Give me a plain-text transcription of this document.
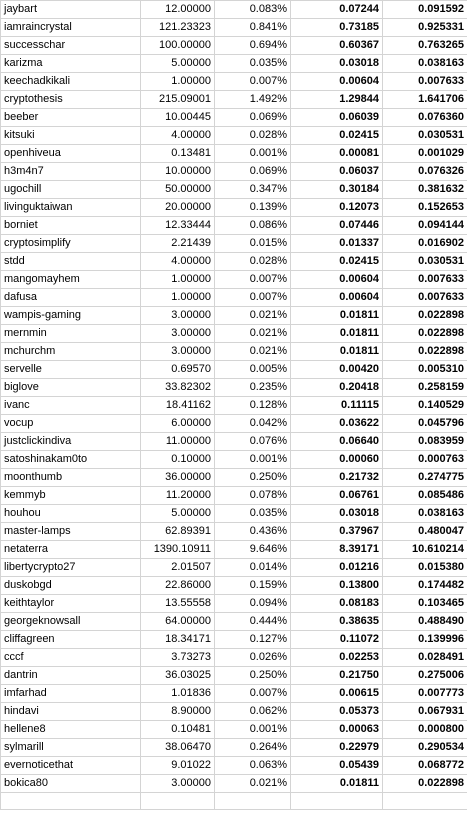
jaybart	12.00000	0.083%	0.07244	0.091592
iamraincrystal	121.23323	0.841%	0.73185	0.925331
successchar	100.00000	0.694%	0.60367	0.763265
karizma	5.00000	0.035%	0.03018	0.038163
keechadkikali	1.00000	0.007%	0.00604	0.007633
cryptothesis	215.09001	1.492%	1.29844	1.641706
beeber	10.00445	0.069%	0.06039	0.076360
kitsuki	4.00000	0.028%	0.02415	0.030531
openhiveua	0.13481	0.001%	0.00081	0.001029
h3m4n7	10.00000	0.069%	0.06037	0.076326
ugochill	50.00000	0.347%	0.30184	0.381632
livinguktaiwan	20.00000	0.139%	0.12073	0.152653
borniet	12.33444	0.086%	0.07446	0.094144
cryptosimplify	2.21439	0.015%	0.01337	0.016902
stdd	4.00000	0.028%	0.02415	0.030531
mangomayhem	1.00000	0.007%	0.00604	0.007633
dafusa	1.00000	0.007%	0.00604	0.007633
wampis-gaming	3.00000	0.021%	0.01811	0.022898
mernmin	3.00000	0.021%	0.01811	0.022898
mchurchm	3.00000	0.021%	0.01811	0.022898
servelle	0.69570	0.005%	0.00420	0.005310
biglove	33.82302	0.235%	0.20418	0.258159
ivanc	18.41162	0.128%	0.11115	0.140529
vocup	6.00000	0.042%	0.03622	0.045796
justclickindiva	11.00000	0.076%	0.06640	0.083959
satoshinakam0to	0.10000	0.001%	0.00060	0.000763
moonthumb	36.00000	0.250%	0.21732	0.274775
kemmyb	11.20000	0.078%	0.06761	0.085486
houhou	5.00000	0.035%	0.03018	0.038163
master-lamps	62.89391	0.436%	0.37967	0.480047
netaterra	1390.10911	9.646%	8.39171	10.610214
libertycrypto27	2.01507	0.014%	0.01216	0.015380
duskobgd	22.86000	0.159%	0.13800	0.174482
keithtaylor	13.55558	0.094%	0.08183	0.103465
georgeknowsall	64.00000	0.444%	0.38635	0.488490
cliffagreen	18.34171	0.127%	0.11072	0.139996
cccf	3.73273	0.026%	0.02253	0.028491
dantrin	36.03025	0.250%	0.21750	0.275006
imfarhad	1.01836	0.007%	0.00615	0.007773
hindavi	8.90000	0.062%	0.05373	0.067931
hellene8	0.10481	0.001%	0.00063	0.000800
sylmarill	38.06470	0.264%	0.22979	0.290534
evernoticethat	9.01022	0.063%	0.05439	0.068772
bokica80	3.00000	0.021%	0.01811	0.022898
